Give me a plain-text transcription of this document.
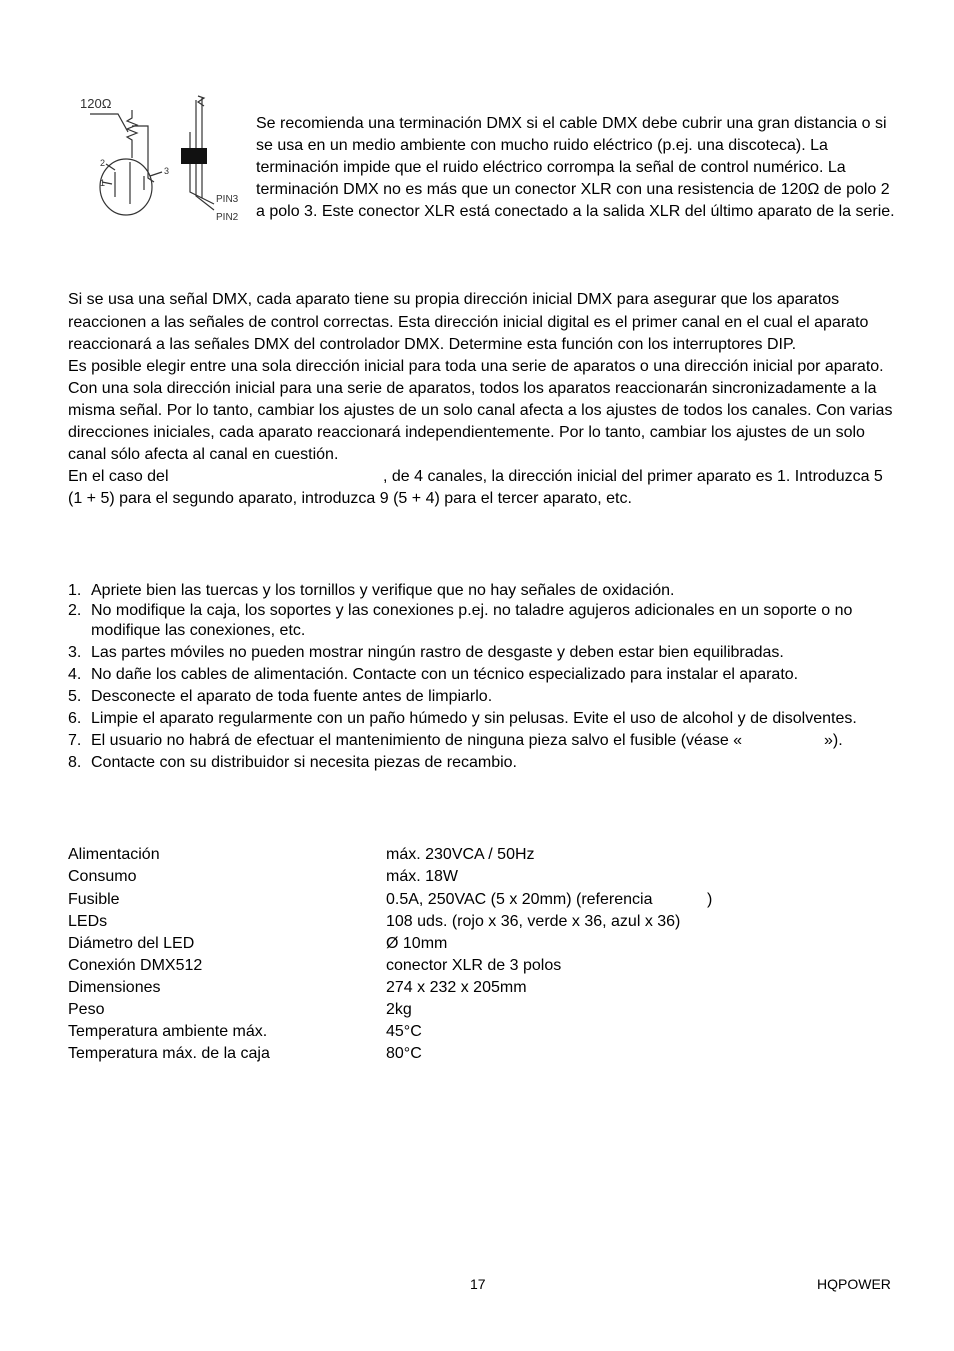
120Ω
1
2
3
PIN3
PIN2
Se recomienda una terminación DMX si el cable DMX debe cubrir una gran distancia o si
se usa en un medio ambiente con mucho ruido eléctrico (p.ej. una discoteca). La
terminación impide que el ruido eléctrico corrompa la señal de control numérico. La
terminación DMX no es más que un conector XLR con una resistencia de 120Ω de polo 2
a polo 3. Este conector XLR está conectado a la salida XLR del último aparato de la serie.
Si se usa una señal DMX, cada aparato tiene su propia dirección inicial DMX para asegurar que los aparatos
reaccionen a las señales de control correctas. Esta dirección inicial digital es el primer canal en el cual el aparato
reaccionará a las señales DMX del controlador DMX. Determine esta función con los interruptores DIP.
Es posible elegir entre una sola dirección inicial para toda una serie de aparatos o una dirección inicial por aparato.
Con una sola dirección inicial para una serie de aparatos, todos los aparatos reaccionarán sincronizadamente a la
misma señal. Por lo tanto, cambiar los ajustes de un solo canal afecta a los ajustes de todos los canales. Con varias
direcciones iniciales, cada aparato reaccionará independientemente. Por lo tanto, cambiar los ajustes de un solo
canal sólo afecta al canal en cuestión.
En el caso del	, de 4 canales, la dirección inicial del primer aparato es 1. Introduzca 5
(1 + 5) para el segundo aparato, introduzca 9 (5 + 4) para el tercer aparato, etc.
1. Apriete bien las tuercas y los tornillos y verifique que no hay señales de oxidación.
2. No modifique la caja, los soportes y las conexiones p.ej. no taladre agujeros adicionales en un soporte o no
modifique las conexiones, etc.
3. Las partes móviles no pueden mostrar ningún rastro de desgaste y deben estar bien equilibradas.
4. No dañe los cables de alimentación. Contacte con un técnico especializado para instalar el aparato.
5. Desconecte el aparato de toda fuente antes de limpiarlo.
6. Limpie el aparato regularmente con un paño húmedo y sin pelusas. Evite el uso de alcohol y de disolventes.
7. El usuario no habrá de efectuar el mantenimiento de ninguna pieza salvo el fusible (véase «	»).
8. Contacte con su distribuidor si necesita piezas de recambio.
Alimentación	máx. 230VCA / 50Hz
Consumo	máx. 18W
Fusible	0.5A, 250VAC (5 x 20mm) (referencia	)
LEDs	108 uds. (rojo x 36, verde x 36, azul x 36)
Diámetro del LED	Ø 10mm
Conexión DMX512	conector XLR de 3 polos
Dimensiones	274 x 232 x 205mm
Peso	2kg
Temperatura ambiente máx.	45°C
Temperatura máx. de la caja	80°C
17	HQPOWER
